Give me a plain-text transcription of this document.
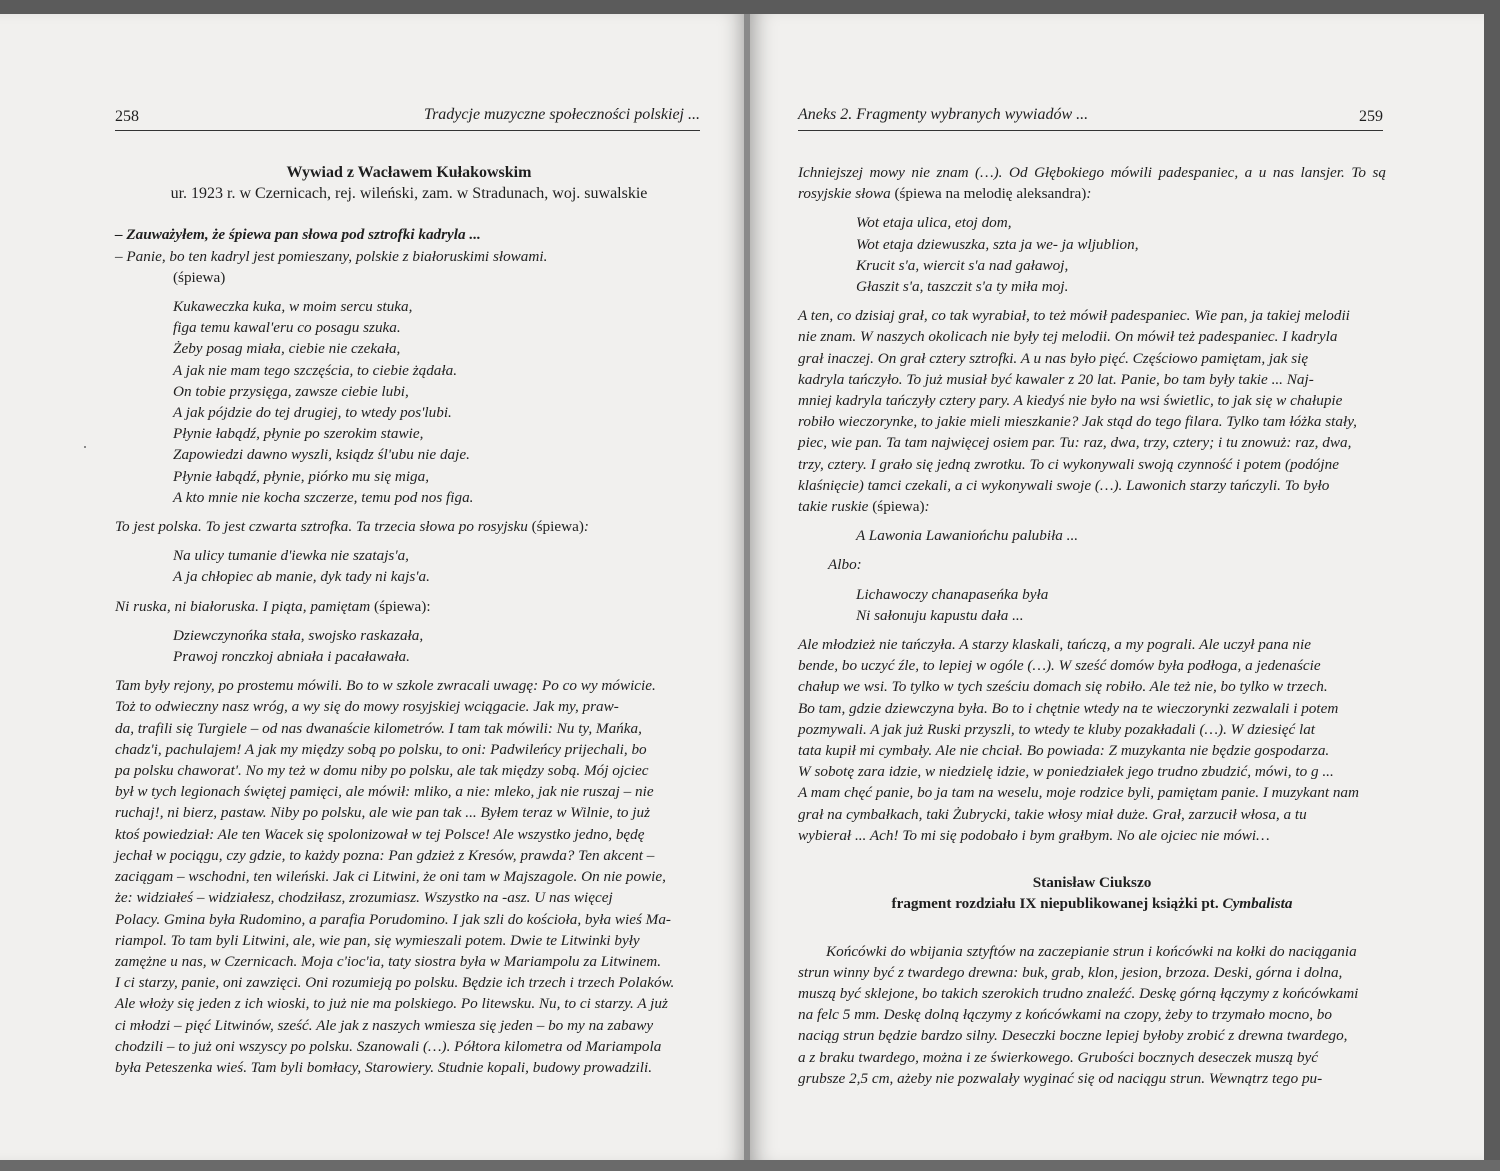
258	Tradycje muzyczne społeczności polskiej ...

Wywiad z Wacławem Kułakowskim

ur. 1923 r. w Czernicach, rej. wileński, zam. w Stradunach, woj. suwalskie

– Zauważyłem, że śpiewa pan słowa pod sztrofki kadryla ...

– Panie, bo ten kadryl jest pomieszany, polskie z białoruskimi słowami.

(śpiewa)

Kukaweczka kuka, w moim sercu stuka,

figa temu kawal'eru co posagu szuka.

Żeby posag miała, ciebie nie czekała,

A jak nie mam tego szczęścia, to ciebie żądała.

On tobie przysięga, zawsze ciebie lubi,

A jak pójdzie do tej drugiej, to wtedy pos'lubi.

Płynie łabądź, płynie po szerokim stawie,

Zapowiedzi dawno wyszli, ksiądz śl'ubu nie daje.

Płynie łabądź, płynie, piórko mu się miga,

A kto mnie nie kocha szczerze, temu pod nos figa.

To jest polska. To jest czwarta sztrofka. Ta trzecia słowa po rosyjsku (śpiewa):

Na ulicy tumanie d'iewka nie szatajs'a,

A ja chłopiec ab manie, dyk tady ni kajs'a.

Ni ruska, ni białoruska. I piąta, pamiętam (śpiewa):

Dziewczynońka stała, swojsko raskazała,

Prawoj ronczkoj abniała i pacaławała.

Tam były rejony, po prostemu mówili. Bo to w szkole zwracali uwagę: Po co wy mówicie.

Toż to odwieczny nasz wróg, a wy się do mowy rosyjskiej wciągacie. Jak my, praw-

da, trafili się Turgiele – od nas dwanaście kilometrów. I tam tak mówili: Nu ty, Mańka,

chadz'i, pachulajem! A jak my między sobą po polsku, to oni: Padwileńcy prijechali, bo

pa polsku chaworat'. No my też w domu niby po polsku, ale tak między sobą. Mój ojciec

był w tych legionach świętej pamięci, ale mówił: mliko, a nie: mleko, jak nie ruszaj – nie

ruchaj!, ni bierz, pastaw. Niby po polsku, ale wie pan tak ... Byłem teraz w Wilnie, to już

ktoś powiedział: Ale ten Wacek się spolonizował w tej Polsce! Ale wszystko jedno, będę

jechał w pociągu, czy gdzie, to każdy pozna: Pan gdzież z Kresów, prawda? Ten akcent –

zaciągam – wschodni, ten wileński. Jak ci Litwini, że oni tam w Majszagole. On nie powie,

że: widziałeś – widziałesz, chodziłasz, zrozumiasz. Wszystko na -asz. U nas więcej

Polacy. Gmina była Rudomino, a parafia Porudomino. I jak szli do kościoła, była wieś Ma-

riampol. To tam byli Litwini, ale, wie pan, się wymieszali potem. Dwie te Litwinki były

zamężne u nas, w Czernicach. Moja c'ioc'ia, taty siostra była w Mariampolu za Litwinem.

I ci starzy, panie, oni zawzięci. Oni rozumieją po polsku. Będzie ich trzech i trzech Polaków.

Ale włoży się jeden z ich wioski, to już nie ma polskiego. Po litewsku. Nu, to ci starzy. A już

ci młodzi – pięć Litwinów, sześć. Ale jak z naszych wmiesza się jeden – bo my na zabawy

chodzili – to już oni wszyscy po polsku. Szanowali (…). Półtora kilometra od Mariampola

była Peteszenka wieś. Tam byli bomłacy, Starowiery. Studnie kopali, budowy prowadzili.

Aneks 2. Fragmenty wybranych wywiadów ...	259

Ichniejszej mowy nie znam (…). Od Głębokiego mówili padespaniec, a u nas lansjer. To są rosyjskie słowa (śpiewa na melodię aleksandra):

Wot etaja ulica, etoj dom,

Wot etaja dziewuszka, szta ja we- ja wljublion,

Krucit s'a, wiercit s'a nad gaławoj,

Głaszit s'a, taszczit s'a ty miła moj.

A ten, co dzisiaj grał, co tak wyrabiał, to też mówił padespaniec. Wie pan, ja takiej melodii

nie znam. W naszych okolicach nie były tej melodii. On mówił też padespaniec. I kadryla

grał inaczej. On grał cztery sztrofki. A u nas było pięć. Częściowo pamiętam, jak się

kadryla tańczyło. To już musiał być kawaler z 20 lat. Panie, bo tam były takie ... Naj-

mniej kadryla tańczyły cztery pary. A kiedyś nie było na wsi świetlic, to jak się w chałupie

robiło wieczorynke, to jakie mieli mieszkanie? Jak stąd do tego filara. Tylko tam łóżka stały,

piec, wie pan. Ta tam najwięcej osiem par. Tu: raz, dwa, trzy, cztery; i tu znowuż: raz, dwa,

trzy, cztery. I grało się jedną zwrotku. To ci wykonywali swoją czynność i potem (podójne

klaśnięcie) tamci czekali, a ci wykonywali swoje (…). Lawonich starzy tańczyli. To było

takie ruskie (śpiewa):

A Lawonia Lawaniońchu palubiła ...

Albo:

Lichawoczy chanapaseńka była

Ni sałonuju kapustu dała ...

Ale młodzież nie tańczyła. A starzy klaskali, tańczą, a my pograli. Ale uczył pana nie

bende, bo uczyć źle, to lepiej w ogóle (…). W sześć domów była podłoga, a jedenaście

chałup we wsi. To tylko w tych sześciu domach się robiło. Ale też nie, bo tylko w trzech.

Bo tam, gdzie dziewczyna była. Bo to i chętnie wtedy na te wieczorynki zezwalali i potem

pozmywali. A jak już Ruski przyszli, to wtedy te kluby pozakładali (…). W dziesięć lat

tata kupił mi cymbały. Ale nie chciał. Bo powiada: Z muzykanta nie będzie gospodarza.

W sobotę zara idzie, w niedzielę idzie, w poniedziałek jego trudno zbudzić, mówi, to g ...

A mam chęć panie, bo ja tam na weselu, moje rodzice byli, pamiętam panie. I muzykant nam

grał na cymbałkach, taki Żubrycki, takie włosy miał duże. Grał, zarzucił włosa, a tu

wybierał ... Ach! To mi się podobało i bym grałbym. No ale ojciec nie mówi…

Stanisław Ciukszo

fragment rozdziału IX niepublikowanej książki pt. Cymbalista

Końcówki do wbijania sztyftów na zaczepianie strun i końcówki na kołki do naciągania

strun winny być z twardego drewna: buk, grab, klon, jesion, brzoza. Deski, górna i dolna,

muszą być sklejone, bo takich szerokich trudno znaleźć. Deskę górną łączymy z końcówkami

na felc 5 mm. Deskę dolną łączymy z końcówkami na czopy, żeby to trzymało mocno, bo

naciąg strun będzie bardzo silny. Deseczki boczne lepiej byłoby zrobić z drewna twardego,

a z braku twardego, można i ze świerkowego. Grubości bocznych deseczek muszą być

grubsze 2,5 cm, ażeby nie pozwalały wyginać się od naciągu strun. Wewnątrz tego pu-
